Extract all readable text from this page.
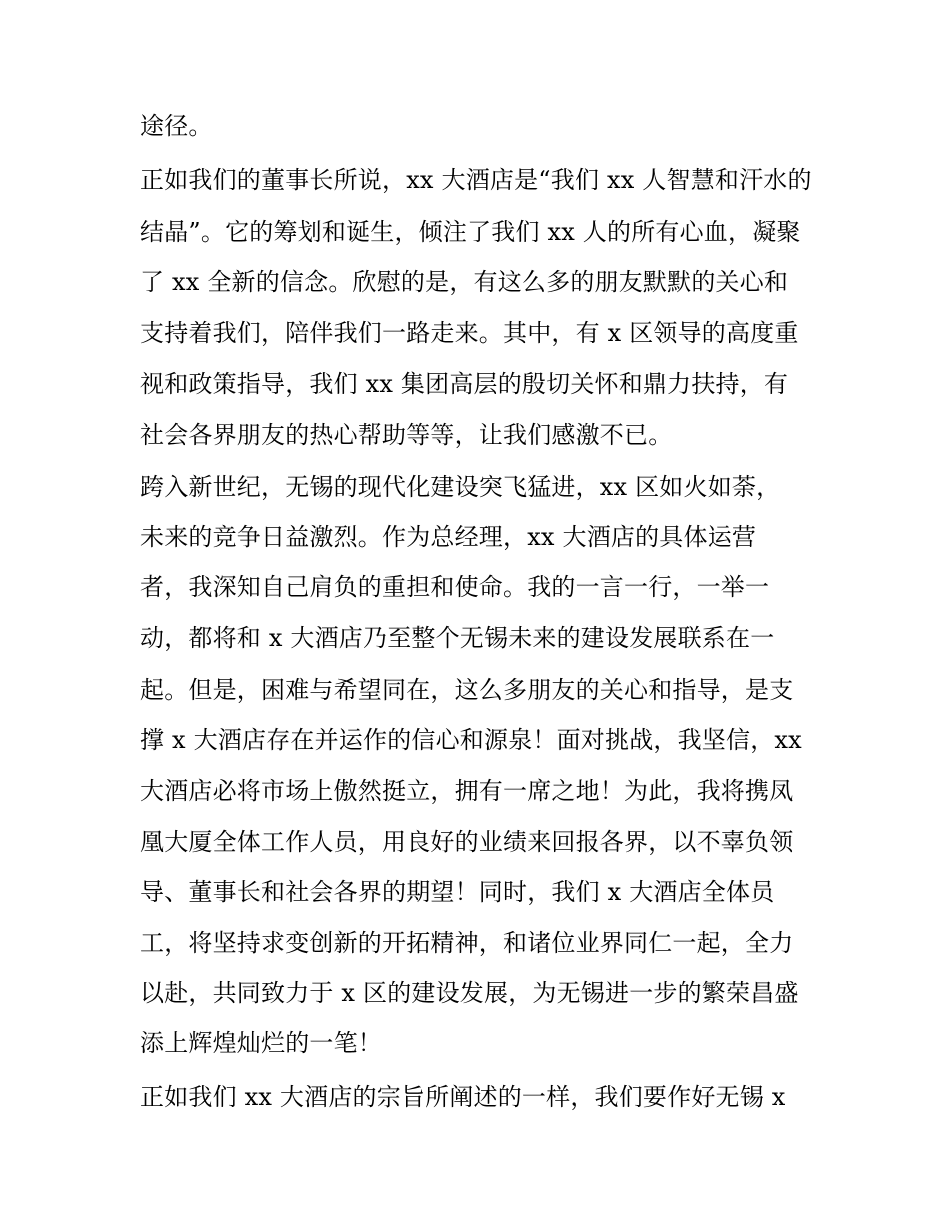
途径。
正如我们的董事长所说，xx 大酒店是“我们 xx 人智慧和汗水的
结晶”。它的筹划和诞生，倾注了我们 xx 人的所有心血，凝聚
了 xx 全新的信念。欣慰的是，有这么多的朋友默默的关心和
支持着我们，陪伴我们一路走来。其中，有 x 区领导的高度重
视和政策指导，我们 xx 集团高层的殷切关怀和鼎力扶持，有
社会各界朋友的热心帮助等等，让我们感激不已。
跨入新世纪，无锡的现代化建设突飞猛进，xx 区如火如荼，
未来的竞争日益激烈。作为总经理，xx 大酒店的具体运营
者，我深知自己肩负的重担和使命。我的一言一行，一举一
动，都将和 x 大酒店乃至整个无锡未来的建设发展联系在一
起。但是，困难与希望同在，这么多朋友的关心和指导，是支
撑 x 大酒店存在并运作的信心和源泉！面对挑战，我坚信，xx
大酒店必将市场上傲然挺立，拥有一席之地！为此，我将携凤
凰大厦全体工作人员，用良好的业绩来回报各界，以不辜负领
导、董事长和社会各界的期望！同时，我们 x 大酒店全体员
工，将坚持求变创新的开拓精神，和诸位业界同仁一起，全力
以赴，共同致力于 x 区的建设发展，为无锡进一步的繁荣昌盛
添上辉煌灿烂的一笔！
正如我们 xx 大酒店的宗旨所阐述的一样，我们要作好无锡 x
